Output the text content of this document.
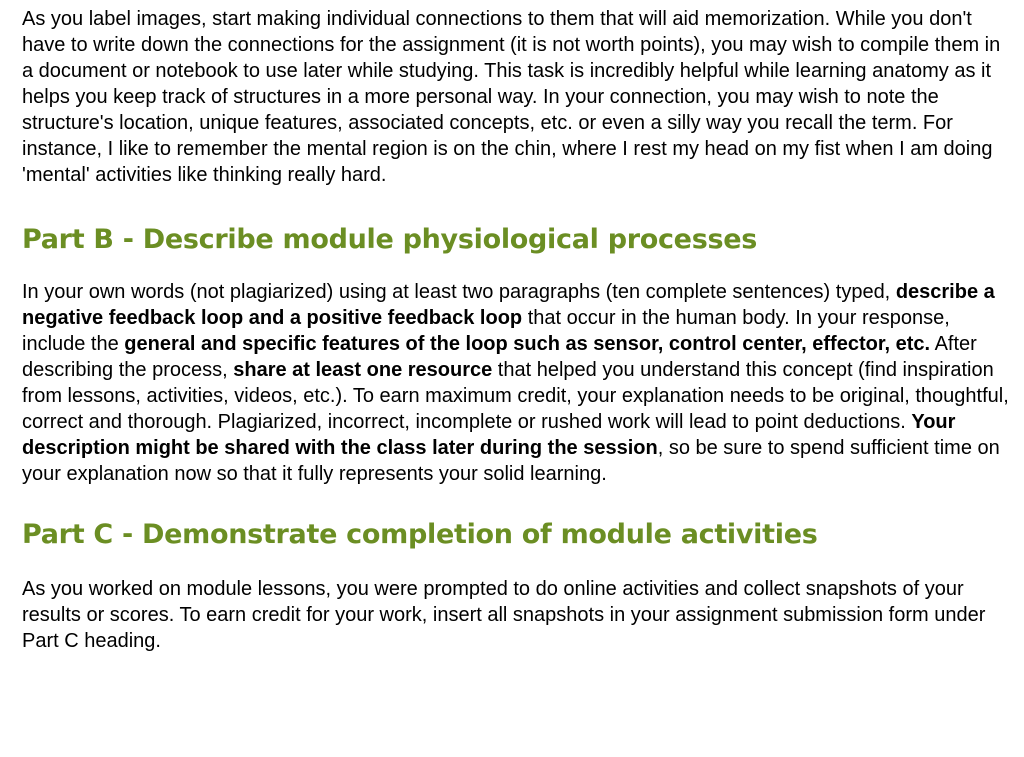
As you label images, start making individual connections to them that will aid memorization. While you don't have to write down the connections for the assignment (it is not worth points), you may wish to compile them in a document or notebook to use later while studying. This task is incredibly helpful while learning anatomy as it helps you keep track of structures in a more personal way. In your connection, you may wish to note the structure's location, unique features, associated concepts, etc. or even a silly way you recall the term. For instance, I like to remember the mental region is on the chin, where I rest my head on my fist when I am doing 'mental' activities like thinking really hard.

Part B - Describe module physiological processes

In your own words (not plagiarized) using at least two paragraphs (ten complete sentences) typed, describe a negative feedback loop and a positive feedback loop that occur in the human body. In your response, include the general and specific features of the loop such as sensor, control center, effector, etc. After describing the process, share at least one resource that helped you understand this concept (find inspiration from lessons, activities, videos, etc.). To earn maximum credit, your explanation needs to be original, thoughtful, correct and thorough. Plagiarized, incorrect, incomplete or rushed work will lead to point deductions. Your description might be shared with the class later during the session, so be sure to spend sufficient time on your explanation now so that it fully represents your solid learning.

Part C - Demonstrate completion of module activities

As you worked on module lessons, you were prompted to do online activities and collect snapshots of your results or scores. To earn credit for your work, insert all snapshots in your assignment submission form under Part C heading.
